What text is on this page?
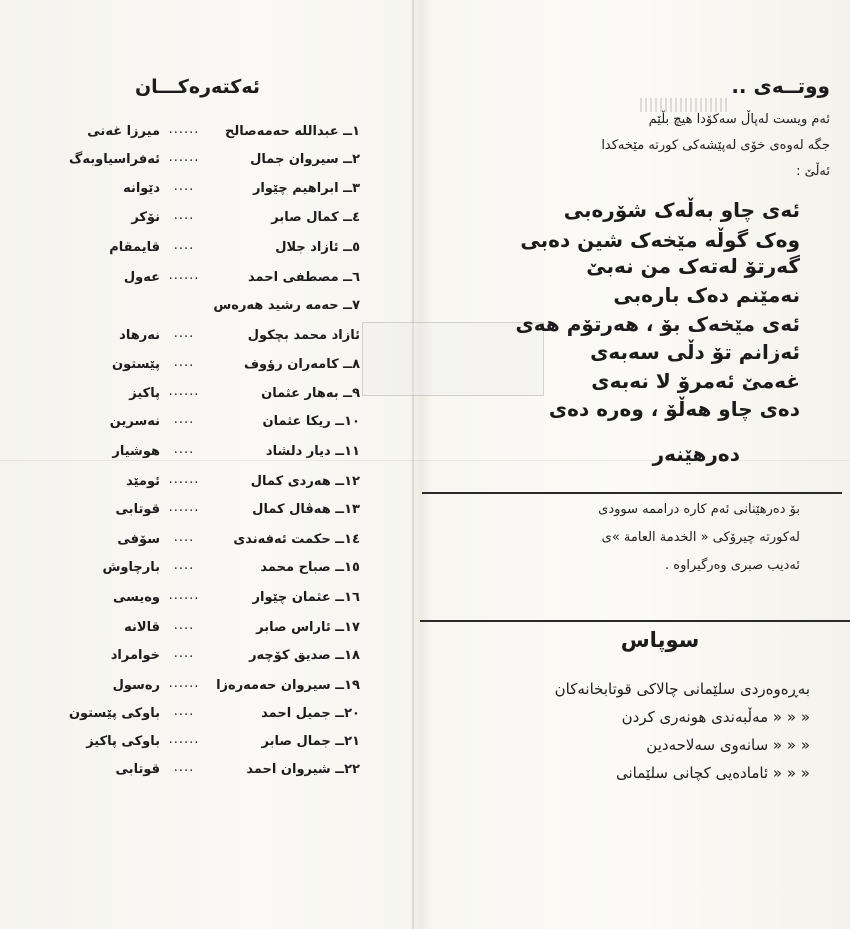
ئەکتەرەکـــان
١ــ عبدالله حەمەصالح
......
میرزا غەنی
٢ــ سیروان جمال
......
ئەفراسیاوبەگ
٣ــ ابراهیم چێوار
....
دێوانە
٤ــ کمال صابر
....
نۆکر
٥ــ ئازاد جلال
....
قایمقام
٦ــ مصطفی احمد
......
عەول
٧ــ حەمە رشید هەرەس
ئازاد محمد بچکول
....
نەرهاد
٨ــ کامەران رؤوف
....
پێستون
٩ــ بەهار عثمان
......
پاکیز
١٠ــ ریکا عثمان
....
نەسرین
١١ــ دیار دلشاد
....
هوشیار
١٢ــ هەردی کمال
......
ئومێد
١٣ــ هەڤال کمال
......
قوتابی
١٤ــ حکمت ئەفەندی
....
سۆفی
١٥ــ صباح محمد
....
بارچاوش
١٦ــ عثمان چێوار
......
وەیسی
١٧ــ ئاراس صابر
....
قالانە
١٨ــ صدیق کۆچەر
....
خوامراد
١٩ــ سیروان حەمەرەزا
......
رەسول
٢٠ــ جمیل احمد
....
باوکی پێستون
٢١ــ جمال صابر
......
باوکی پاکیز
٢٢ــ شیروان احمد
....
قوتابی
ووتــەی ..
ئەم ویست لەپاڵ سەکۆدا هیچ بڵێم
جگە لەوەی خۆی لەپێشەکی کورتە مێخەکدا
ئەڵێ :
ئەی چاو بەڵەک شۆرەبی
وەک گوڵە مێخەک شین دەبی
گەرتۆ لەتەک من نەبێ
نەمێنم دەک بارەبی
ئەی مێخەک بۆ ، هەرتۆم هەی
ئەزانم تۆ دڵی سەبەی
غەمێ ئەمرۆ لا نەبەی
دەی چاو هەڵۆ ، وەرە دەی
دەرهێنەر
بۆ دەرهێنانی ئەم کارە دراممە سوودی
لەکورتە چیرۆکی « الخدمة العامة »ی
ئەدیب صبری وەرگیراوە .
سوپاس
بەڕەوەردی سلێمانی چالاکی قوتابخانەکان
« « « مەڵبەندی هونەری کردن
« « « سانەوی سەلاحەدین
« « « ئامادەیی کچانی سلێمانی
